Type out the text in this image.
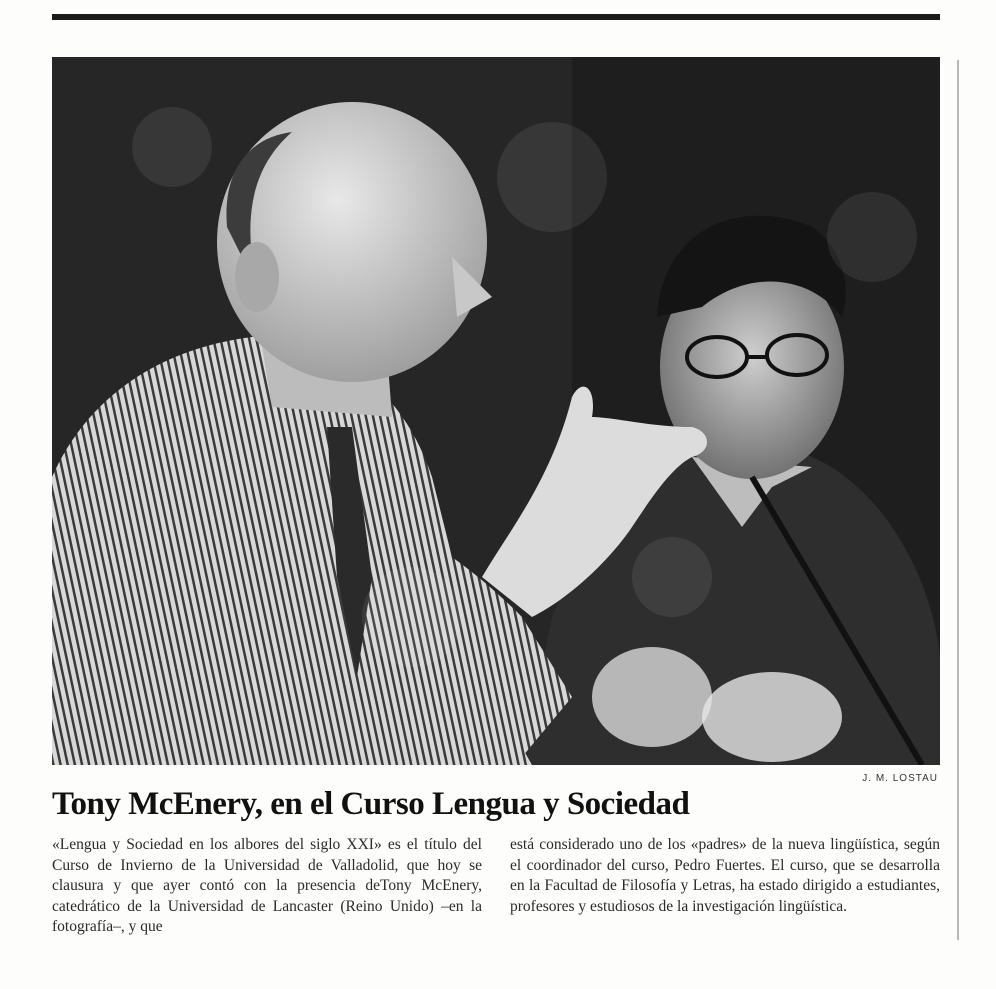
J. M. LOSTAU
Tony McEnery, en el Curso Lengua y Sociedad

«Lengua y Sociedad en los albores del siglo XXI» es el título del Curso de Invierno de la Universidad de Valladolid, que hoy se clausura y que ayer contó con la presencia deTony McEnery, catedrático de la Universidad de Lancaster (Reino Unido) –en la fotografía–, y que

está considerado uno de los «padres» de la nueva lingüística, según el coordinador del curso, Pedro Fuertes. El curso, que se desarrolla en la Facultad de Filosofía y Letras, ha estado dirigido a estudiantes, profesores y estudiosos de la investigación lingüística.
